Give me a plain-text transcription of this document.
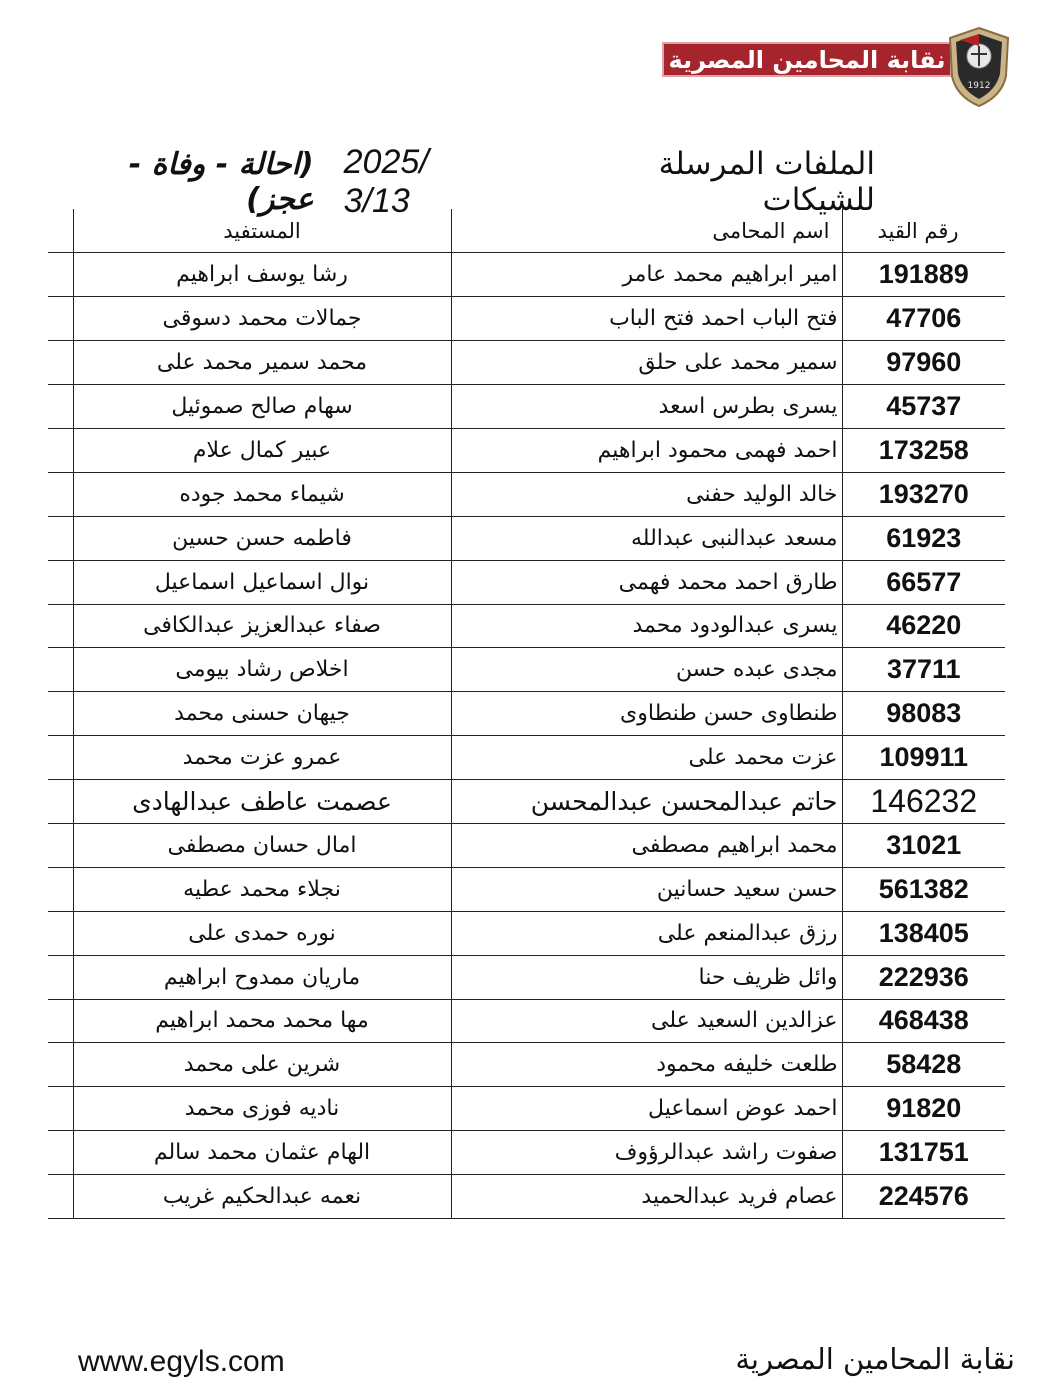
نقابة المحامين المصرية
1912
الملفات المرسلة للشيكات
2025/ 3/13
(احالة - وفاة - عجز)
رقم القيد	اسم المحامى	المستفيد	
191889	امير ابراهيم محمد عامر	رشا يوسف ابراهيم	
47706	فتح الباب احمد فتح الباب	جمالات محمد دسوقى	
97960	سمير محمد على حلق	محمد سمير محمد على	
45737	يسرى بطرس اسعد	سهام صالح صموئيل	
173258	احمد فهمى محمود ابراهيم	عبير كمال علام	
193270	خالد الوليد حفنى	شيماء محمد جوده	
61923	مسعد عبدالنبى عبدالله	فاطمه حسن حسين	
66577	طارق احمد محمد فهمى	نوال اسماعيل اسماعيل	
46220	يسرى عبدالودود محمد	صفاء عبدالعزيز عبدالكافى	
37711	مجدى عبده حسن	اخلاص رشاد بيومى	
98083	طنطاوى حسن طنطاوى	جيهان حسنى محمد	
109911	عزت محمد على	عمرو عزت محمد	
146232	حاتم عبدالمحسن عبدالمحسن	عصمت عاطف عبدالهادى	
31021	محمد ابراهيم مصطفى	امال حسان مصطفى	
561382	حسن سعيد حسانين	نجلاء محمد عطيه	
138405	رزق عبدالمنعم على	نوره حمدى على	
222936	وائل ظريف حنا	ماريان ممدوح ابراهيم	
468438	عزالدين السعيد على	مها محمد محمد ابراهيم	
58428	طلعت خليفه محمود	شرين على محمد	
91820	احمد عوض اسماعيل	ناديه فوزى محمد	
131751	صفوت راشد عبدالرؤوف	الهام عثمان محمد سالم	
224576	عصام فريد عبدالحميد	نعمه عبدالحكيم غريب	
www.egyls.com	نقابة المحامين المصرية
